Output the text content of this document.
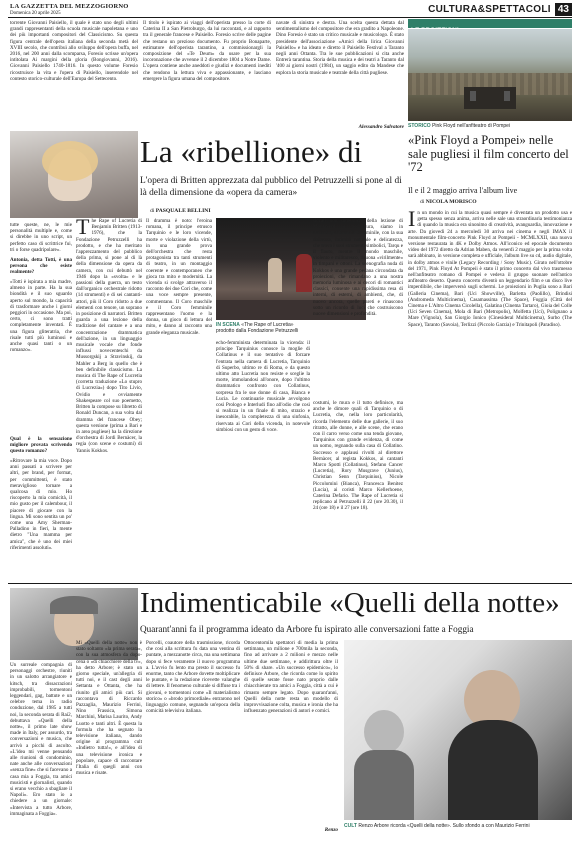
LA GAZZETTA DEL MEZZOGIORNO
Domenica 20 aprile 2025	CULTURA&SPETTACOLI 43
torrente Giovanni Paisiello, il quale è stato uno degli ultimi grandi rappresentanti della scuola musicale napoletana e uno dei più importanti compositori del Classicismo. Su questa figura centrale dell'opera italiana della seconda metà del XVIII secolo, che contribuì allo sviluppo dell'opera buffa, nel 2016, nel 200 anni dalla scomparsa, Foresio scrisse un'opera intitolata Ai margini della gloria (Bongiovanni, 2016). Giovanni Paisiello 1740-1816. In questo volume Foresio ricostruisce la vita e l'opera di Paisiello, inserendole nel contesto storico-culturale dell'Europa del Settecento.
Il titolo è ispirato ai viaggi dell'operista presso la corte di Caterina II a San Pietroburgo, da lui raccontati, e al rapporto tra il generale francese e Paisiello. Foresio scrive delle pagine che restano un prezioso documento. Fu proprio Bonaparte, estimatore dell'operista tarantino, a commissionargli la composizione del «Te Deum» da usare per la sua incoronazione che avvenne il 2 dicembre 1804 a Notre Dame. L'opera contiene anche aneddoti e giudizi e documenti inediti che rendono la lettura viva e appassionante, e lasciano emergere la figura umana del compositore.
navate di sinistra e destra. Una scelta questa dettata dal sentimentalismo del compositore che era gradito a Napoleone. Dino Foresio è stato un critico musicale e musicologo. È stato presidente dell'associazione «Amici della lirica Giovanni Paisiello» e ha ideato e diretto il Paisiello Festival a Taranto negli anni Ottanta. Tra le sue pubblicazioni si cita anche Entrerà tarantina. Storia della musica e dei teatri a Taranto dal '400 ai giorni nostri (1984), un saggio edito da Mandese che esplora la storia musicale e teatrale della città pugliese.
Alessandro Salvatore STORICO Pink Floyd nell'anfiteatro di Pompei
«Pink Floyd a Pompei» nelle sale pugliesi il film concerto del '72
Il e il 2 maggio arriva l'album live
di NICOLA MORISCO
In un mondo in cui la musica quasi sempre è diventata un prodotto usa e getta spesso senza anima, arriva nelle sale una straordinaria testimonianza di quando la musica era sinonimo di creatività, avanguardia, innovazione e arte. Da giovedì 24 a mercoledì 30 arriva nei cinema e negli IMAX il monumentale film-concerto Pink Floyd at Pompeii - MCMLXXII, una nuova versione restaurata in 4K e Dolby Atmos. All'iconico ed epocale documento video del 1972 diretto da Adrian Maben, da venerdì 2 maggio per la prima volta sarà abbinato, in versione completa e ufficiale, l'album live su cd, audio digitale, in dolby atmos e vinile (Legacy Recording / Sony Music). Girato nell'ottobre del 1971, Pink Floyd At Pompeii è stato il primo concerto dal vivo trasmesso nell'anfiteatro romano di Pompei e vedeva il gruppo suonare nell'antico anfiteatro deserto. Questo concerto diventò un leggendario film e un disco live imperdibile, che imperversò sugli schermi. Le proiezioni in Puglia sono a Bari (Galleria Cinema), Bari (Uci Showville), Barletta (Paolillo), Brindisi (Andromeda Multicinema), Casamassima (The Space), Foggia (Città del Cinema e L'Altro Cinema Cicolella), Galatina (Cinema Tartaro), Gioia del Colle (Uci Seven Cinema), Mola di Bari (Metropolis), Molfetta (Uci), Polignano a Mare (Vignola), San Giorgio Ionico (Cinesideral Multicinema), Surbo (The Space), Taranto (Savoia), Terlizzi (Piccolo Garzia) e Trinitapoli (Paradiso).
tutte queste, ne, le mie personalità multiple e, come si direbbe in uno script, un perfetto caso di scrittrice fui, tri o forse quadripolare».
Antonia, detta Totti, è una persona che esiste realmente?
«Totti è ispirata a mia madre, almeno in parte. Ha la sua biondità e il suo sguardo aperto sul mondo, la capacità di trasformare anche i giorni peggiori in occasione. Ma poi, certo, ci sono tratti completamente inventati. È una figura gliteratria, che risale tutti più luminosi e anche quasi tanti o un romanzo».
Qual è la sensazione migliore provata scrivendo questo romanzo?
«Ritrovare la mia voce. Dopo anni passati a scrivere per altri, per brand, per format, per committenti, è stato meraviglioso tornare a qualcosa di mio. Ho riscoperto la mia comicità, il mio gusto per il calembour, il piacere di giocare con la lingua. Mi sono sentita un po' come una Amy Sherman-Palladino in fieri, la mente dietro "Una mamma per amica", che è uno dei miei riferimenti assoluti».
La «ribellione» di
L'opera di Britten apprezzata dal pubblico del Petruzzelli si pone al di là della dimensione da «opera da camera»
di PASQUALE BELLINI
The Rape of Lucretia di Benjamin Britten (1913-1976), che la Fondazione Petruzzelli ha prodotto, e che ha meritato l'apprezzamento del pubblico della prima, si pone al di là della dimensione da opera da camera, con cui debuttò nel 1946 dopo la «svolta» e le passioni della guerra, un testo dall'organico orchestrale ridotto (14 strumenti) e di sei cantanti-attori, più il Coro ridotto a due elementi con tenore, un soprano in posizione di narratori. Britten guarda a una lezione della tradizione del cantare e a una concentrazione drammatica dell'azione, in un linguaggio musicale vocale che fonde influssi novecenteschi da Mussorgskij a Stravinskij, da Mahler a Berg in quello che è ben definibile classicismo. La musica di The Rape of Lucretia (corretta traduzione «Lo stupro di Lucrezia») dopo Tito Livio, Ovidio e ovviamente Shakespeare col suo poemetto, Britten la compose su libretto di Ronald Duncan, a sua volta dal dramma del francese Obey; questa versione (prima a Bari e in area pugliese) ha la direzione d'orchestra di Jordi Bernàcer, la regia (con scene e costumi) di Yannis Kokkos.
Il dramma è noto: l'eroina romana, il principe etrusco Tarquinio e le loro vicende, morte e violazione della virtù, in una grande prova dell'orchestra che resta protagonista tra tanti strumenti di teatro, in un montaggio coerente e contemporaneo che gioca tra mito e modernità. La vicenda si svolge attraverso il racconto dei due Cori che, come una voce sempre presente, commentano. Il Coro maschile e il Coro femminile rappresentano l'uomo e la donna, un gioco di lettura del mito, e danno al racconto una grande eleganza musicale.
IN SCENA «The Rape of Lucretia» prodotto dalla Fondazione Petruzzelli
echo-femminista determinata la vicenda: il principe Tarquinius conosce la moglie di Collatinus e il suo tentativo di forzare l'entrata nella camera di Lucretia, Tarquinio di Superbo, ultimo re di Roma, e da questo ultimo atto Lucretia non resiste e sceglie la morte, immolandosi all'onore, dopo l'ultimo drammatico confronto con Collatinus, sorpresa fra le sue donne di casa, Bianca e Lucia. Le continuarie musicale avvolgono così Prologo e Interludi fino all'odio che così si realizza in un finale di mito, strazio e inesorabile, la completezza di una sinfonia, riservata ai Cori della vicenda, in notevole simbiosi con un gesto di voce.
siccali non dimentichi della lezione di Monteverdi e addirittura, siamo in tutt'Italia, di Purcell. Femminile, con la sua dolcezza, intimità naturale e delicatezza, che trova i suoi strumenti simbolici, Tarqu e il flauto, mentre il mondo maschile, violento e militaresco, risuona «virilmente» in timpani e ottoni. La scenografia nuda di Kokkos è una grande pedana circondata da proiezioni, che rimandano a una nostra memoria luminosa e ai decori di romantici classici, consente una rapidissima resa di interni, di esterni, di ambienti, che, di nuovo ancora, quelle pareti e rinascono sotto un ricordo di luci che costruiscono nuove dimensioni e profondità.
costumi, le mura e il tutto definisce, ma anche le dimore quali di Tarquinio o di Lucretia, che, nella loro particolarità, ricorda l'elemento delle due gallerie, il suo ritratto, alle donne, e alle scene, che erano con il carro verso come una tenda giovane, Tarquinius con grande evidenza, di come un uomo, regnando sulla casa di Collatino. Successo e applausi rivolti al direttore Bernàcer, al regista Kokkos, ai cantanti Marco Spotti (Collatinus), Stefano Cancer (Lucretia), Rory Musgrave (Junius), Christian Senn (Tarquinius), Nicole Piccolomini (Bianca), Francesca Benitez (Lucia), ai coristi Marco Kellerhoene, Caterina Defario. The Rape of Lucretia si replicano al Petruzzelli il 22 (ore 20.30), il 24 (ore 18) e il 27 (ore 18).
Indimenticabile «Quelli della notte»
Quarant'anni fa il programma ideato da Arbore fu ispirato alle conversazioni fatte a Foggia
Un surreale compagnia di personaggi orchestre, riuniti in un salotto arrangiatore e kitsch, tra dissacrazioni improbabili, tormentoni leggendari, gag, battute e un celebre tema in radio conduzione, dal 1985 a tutti noi, la seconda serata di Rai2, debuttava «Quelli della notte», il primo late show made in Italy, per assurdo, tra conversazioni e musica, che arrivò a picchi di ascolto. «L'idea mi venne pensando alle riunioni di condominio, nate anche alle conversazioni «senza fine» che si facevano a casa mia a Foggia, tra amici musicisti e giornalisti, quando si erano vecchio a sbagliare il Napoli». Ero stato io a chiedere a un giornale: «Intervista a tutto Arbore, immaginata a Foggia».
Mi «Quelli della notte» non è stato soltanto «la prima serata», con la sua atmosfera da dopo-cena o «di chiacchiere della tv», ha detto Arbore; è stato un giorno speciale, un'allegria di tutti noi, e il cast degli anni Settanta e Ottanta, che ha riunito gli amici più cari. Si raccontava di Riccardo Pazzaglia, Maurizio Ferrini, Nino Frassica, Simona Marchini, Marisa Laurito, Andy Luotto e tanti altri. È questa la formula che ha segnato la televisione italiana, dando origine al programma cult «Indietro tutta!», e all'idea di una televisione ironica e popolare, capace di raccontare l'Italia di quegli anni con musica e risate.
Porcelli, coautore della trasmissione, ricorda che così alla scrittura fu data una ventina di puntate, a mezzanotte circa, ma una settimana dopo si fece veramente il nuovo programma a. L'avvio fu lento ma presto il successo fu enorme, tanto che Arbore dovette moltiplicare le puntate, e la redazione ricevette valanghe di lettere. Il fenomeno culturale si diffuse tra i giovani, e tormentoni come «Il materialismo storico» o «brodo primordiale» entrarono nel linguaggio comune, segnando un'epoca della comicità televisiva italiana.
Ottocentomila spettatori di media la prima settimana, un milione e 700mila la seconda, fino ad arrivare a 2 milioni e mezzo nelle ultime due settimane, e addirittura oltre il 50% di share. «Un successo epidemico», lo definisce Arbore, che ricorda come lo spirito di quelle serate fosse nato proprio dalle chiacchierate tra amici a Foggia, città a cui è rimasto sempre legato. Dopo quarant'anni, Quelli della notte resta un modello di improvvisazione colta, musica e ironia che ha influenzato generazioni di autori e comici.
Renzo
CULT Renzo Arbore ricorda «Quelli della notte». Sullo sfondo a con Maurizio Ferrini
